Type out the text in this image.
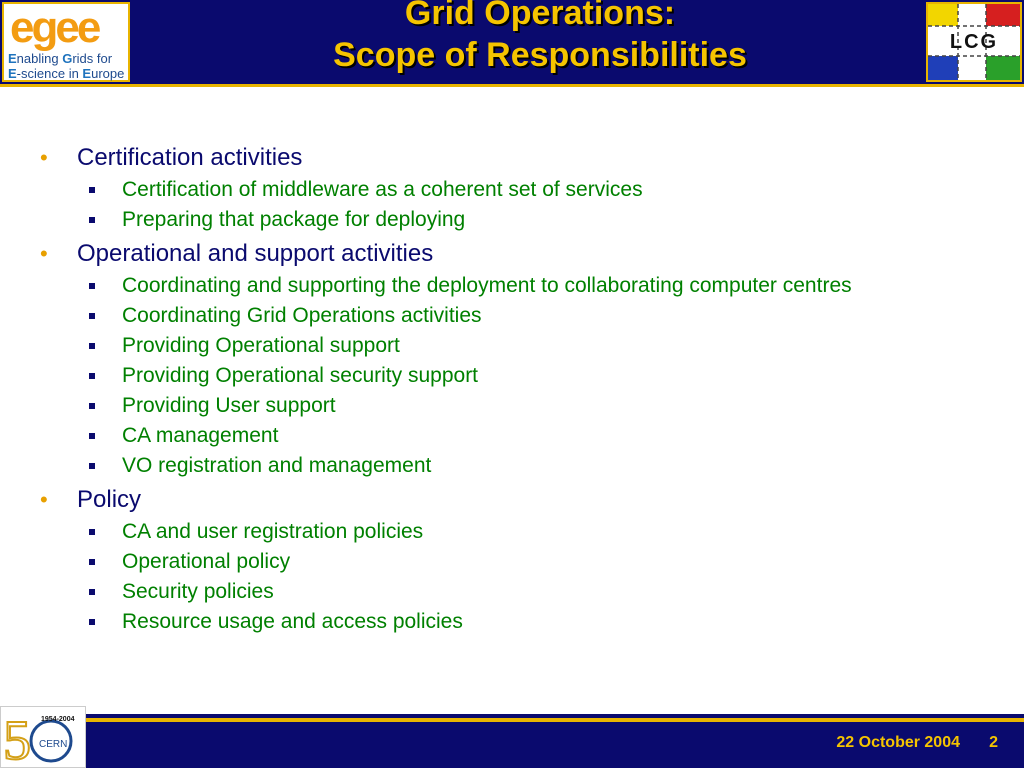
egee
Enabling Grids for
E-science in Europe
Grid Operations:
Scope of Responsibilities	LCG
• Certification activities
Certification of middleware as a coherent set of services
Preparing that package for deploying
• Operational and support activities
Coordinating and supporting the deployment to collaborating computer centres
Coordinating Grid Operations activities
Providing Operational support
Providing Operational security support
Providing User support
CA management
VO registration and management
• Policy
CA and user registration policies
Operational policy
Security policies
Resource usage and access policies
5 1954-2004
CERN	22 October 2004 2
